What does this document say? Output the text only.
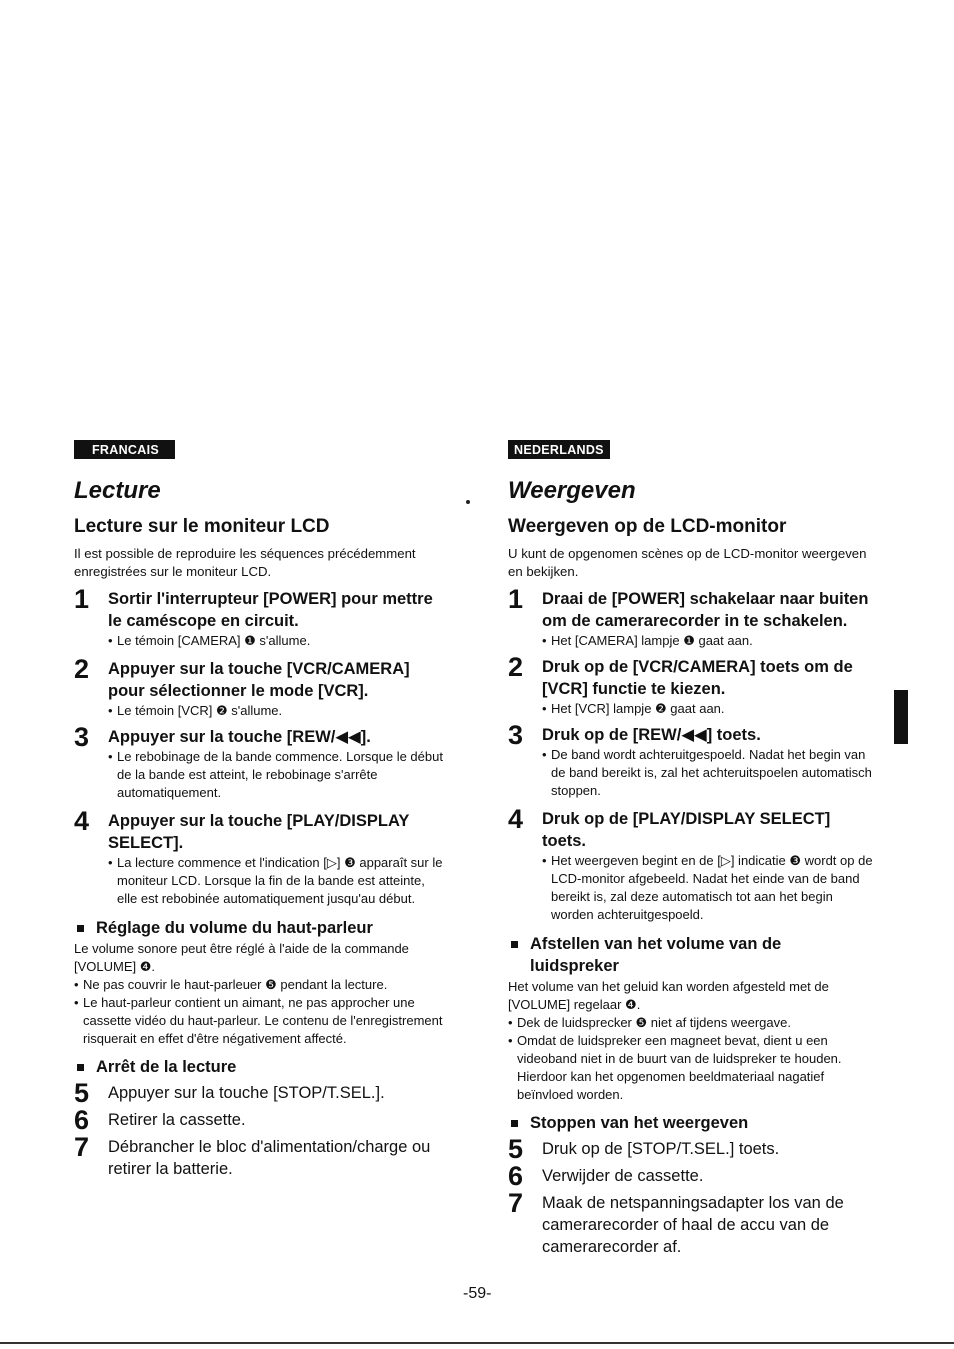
FRANCAIS
Lecture
Lecture sur le moniteur LCD
Il est possible de reproduire les séquences précédemment enregistrées sur le moniteur LCD.
1 Sortir l'interrupteur [POWER] pour mettre le caméscope en circuit.
• Le témoin [CAMERA] ❶ s'allume.
2 Appuyer sur la touche [VCR/CAMERA] pour sélectionner le mode [VCR].
• Le témoin [VCR] ❷ s'allume.
3 Appuyer sur la touche [REW/◀◀].
• Le rebobinage de la bande commence. Lorsque le début de la bande est atteint, le rebobinage s'arrête automatiquement.
4 Appuyer sur la touche [PLAY/DISPLAY SELECT].
• La lecture commence et l'indication [▷] ❸ apparaît sur le moniteur LCD. Lorsque la fin de la bande est atteinte, elle est rebobinée automatiquement jusqu'au début.
Réglage du volume du haut-parleur
Le volume sonore peut être réglé à l'aide de la commande [VOLUME] ❹.
• Ne pas couvrir le haut-parleuer ❺ pendant la lecture.
• Le haut-parleur contient un aimant, ne pas approcher une cassette vidéo du haut-parleur. Le contenu de l'enregistrement risquerait en effet d'être négativement affecté.
Arrêt de la lecture
5 Appuyer sur la touche [STOP/T.SEL.].
6 Retirer la cassette.
7 Débrancher le bloc d'alimentation/charge ou retirer la batterie.
NEDERLANDS
Weergeven
Weergeven op de LCD-monitor
U kunt de opgenomen scènes op de LCD-monitor weergeven en bekijken.
1 Draai de [POWER] schakelaar naar buiten om de camerarecorder in te schakelen.
• Het [CAMERA] lampje ❶ gaat aan.
2 Druk op de [VCR/CAMERA] toets om de [VCR] functie te kiezen.
• Het [VCR] lampje ❷ gaat aan.
3 Druk op de [REW/◀◀] toets.
• De band wordt achteruitgespoeld. Nadat het begin van de band bereikt is, zal het achteruitspoelen automatisch stoppen.
4 Druk op de [PLAY/DISPLAY SELECT] toets.
• Het weergeven begint en de [▷] indicatie ❸ wordt op de LCD-monitor afgebeeld. Nadat het einde van de band bereikt is, zal deze automatisch tot aan het begin worden achteruitgespoeld.
Afstellen van het volume van de luidspreker
Het volume van het geluid kan worden afgesteld met de [VOLUME] regelaar ❹.
• Dek de luidsprecker ❺ niet af tijdens weergave.
• Omdat de luidspreker een magneet bevat, dient u een videoband niet in de buurt van de luidspreker te houden. Hierdoor kan het opgenomen beeldmateriaal nagatief beïnvloed worden.
Stoppen van het weergeven
5 Druk op de [STOP/T.SEL.] toets.
6 Verwijder de cassette.
7 Maak de netspanningsadapter los van de camerarecorder of haal de accu van de camerarecorder af.
-59-
